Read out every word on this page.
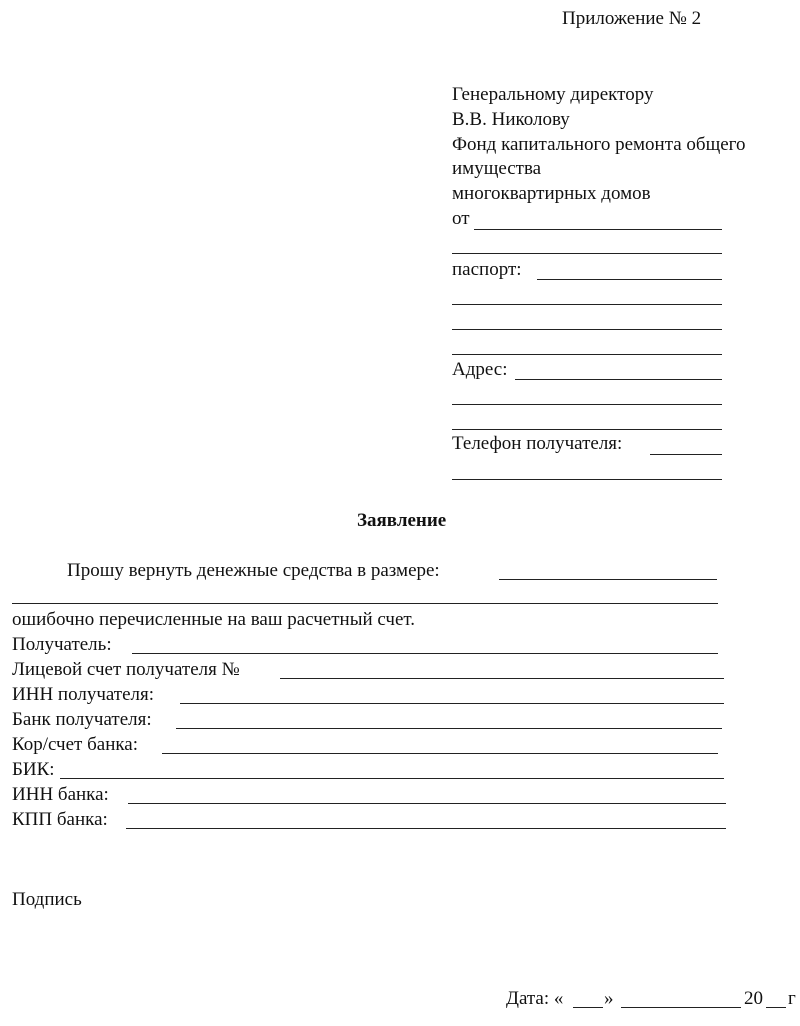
Приложение № 2
Генеральному директору
В.В. Николову
Фонд капитального ремонта общего
имущества
многоквартирных домов
от
паспорт:
Адрес:
Телефон получателя:
Заявление
Прошу вернуть денежные средства в размере:
ошибочно перечисленные на ваш расчетный счет.
Получатель:
Лицевой счет получателя №
ИНН получателя:
Банк получателя:
Кор/счет банка:
БИК:
ИНН банка:
КПП банка:
Подпись
Дата: « »	20 г
